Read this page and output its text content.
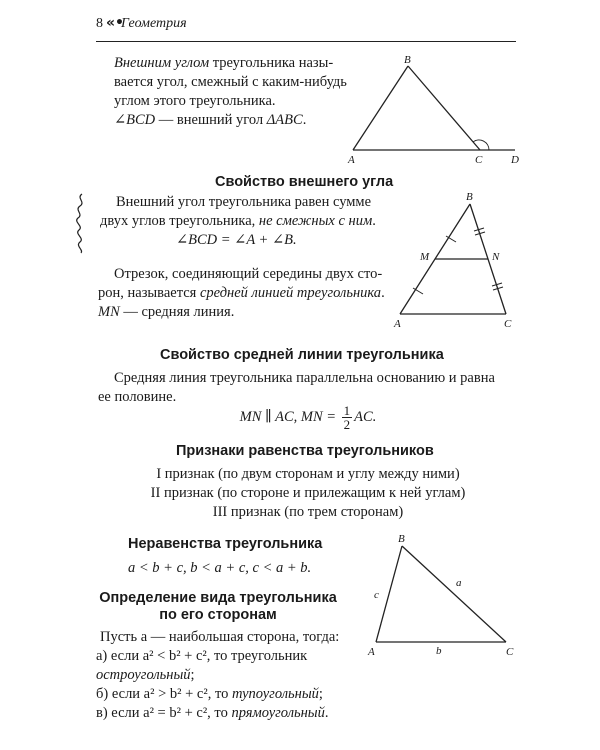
8 «•
Геометрия
Внешним углом треугольника назы-
вается угол, смежный с каким-нибудь
углом этого треугольника.
∠BCD — внешний угол ΔABC.
A
B
C	D
Свойство внешнего угла
Внешний угол треугольника равен сумме
двух углов треугольника, не смежных с ним.
∠BCD = ∠A + ∠B.
Отрезок, соединяющий середины двух сто-
рон, называется средней линией треугольника.
MN — средняя линия.
B
M	N
A	C
Свойство средней линии треугольника
Средняя линия треугольника параллельна основанию и равна
ее половине.
MN ∥ AC, MN = $\frac{1}{2}$ AC.
Признаки равенства треугольников
I признак (по двум сторонам и углу между ними)
II признак (по стороне и прилежащим к ней углам)
III признак (по трем сторонам)
Неравенства треугольника
a < b + c, b < a + c, c < a + b.
Определение вида треугольника
по его сторонам
Пусть a — наибольшая сторона, тогда:
а) если a² < b² + c², то треугольник
остроугольный;
б) если a² > b² + c², то тупоугольный;
в) если a² = b² + c², то прямоугольный.
B
A	C
c
a
b
